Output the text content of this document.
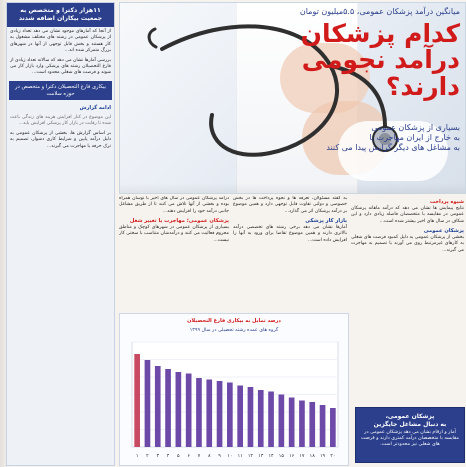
۱۱هزار دکترا و متخصص به جمعیت بیکاران اضافه شدند
از آنجا که آمارهای موجود نشان می دهد تعداد زیادی از پزشکان عمومی در رشته های مختلف مشغول به کار هستند و بخش قابل توجهی از آنها در شهرهای بزرگ متمرکز شده اند...
بررسی آمارها نشان می دهد که سالانه تعداد زیادی از فارغ التحصیلان رشته های پزشکی وارد بازار کار می شوند و فرصت های شغلی محدود است...
بیکاری فارغ التحصیلان دکترا و متخصص در حوزه سلامت
ادامه گزارش
این موضوع در کنار افزایش هزینه های زندگی باعث شده تا رقابت در بازار کار پزشکی افزایش یابد...
بر اساس گزارش ها، بخشی از پزشکان عمومی به دلیل درآمد پایین و شرایط کاری دشوار، تصمیم به ترک حرفه یا مهاجرت می گیرند...
میانگین درآمد پزشکان عمومی، ۵.۵میلیون تومان
کدام پزشکان
درآمد نجومی
دارند؟
بسیاری از پزشکان عمومی
به خارج از ایران مهاجرت یا
به مشاغل های دیگر گرایش پیدا می کنند

درآمد پزشکان عمومی در سال های اخیر با نوسان همراه بوده و بخشی از آنها تلاش می کنند تا از طریق مشاغل جانبی درآمد خود را افزایش دهند...

پزشکان عمومی؛ مهاجرت یا تغییر شغل

بسیاری از پزشکان عمومی در شهرهای کوچک و مناطق محروم فعالیت می کنند و درآمدشان متناسب با سختی کار نیست...

به گفته مسئولان، تعرفه ها و نحوه پرداخت ها در بخش خصوصی و دولتی تفاوت قابل توجهی دارد و همین موضوع بر درآمد پزشکان اثر می گذارد...

بازار کار پزشکی

آمارها نشان می دهد برخی رشته های تخصصی درآمد بالاتری دارند و همین موضوع تقاضا برای ورود به آنها را افزایش داده است...

شیوه پرداخت

نتایج پیمایش ها نشان می دهد که درآمد ماهانه پزشکان عمومی در مقایسه با متخصصان فاصله زیادی دارد و این شکاف در سال های اخیر بیشتر شده است...

پزشکان عمومی

بخشی از پزشکان عمومی به دلیل کمبود فرصت های شغلی به کارهای غیرمرتبط روی می آورند یا تصمیم به مهاجرت می گیرند...

درصد تمایل به بیکاری فارغ التحصیلان
گروه های عمده رشته تحصیلی در سال ۱۳۹۹
۱ ۲ ۳ ۴ ۵ ۶ ۷ ۸ ۹ ۱۰ ۱۱ ۱۲ ۱۳ ۱۴ ۱۵ ۱۶ ۱۷ ۱۸ ۱۹ ۲۰
پزشکان عمومی،
به دنبال مشاغل جایگزین
آمار و ارقام نشان می دهد پزشکان عمومی در مقایسه با متخصصان درآمد کمتری دارند و فرصت های شغلی نیز محدودتر است.
